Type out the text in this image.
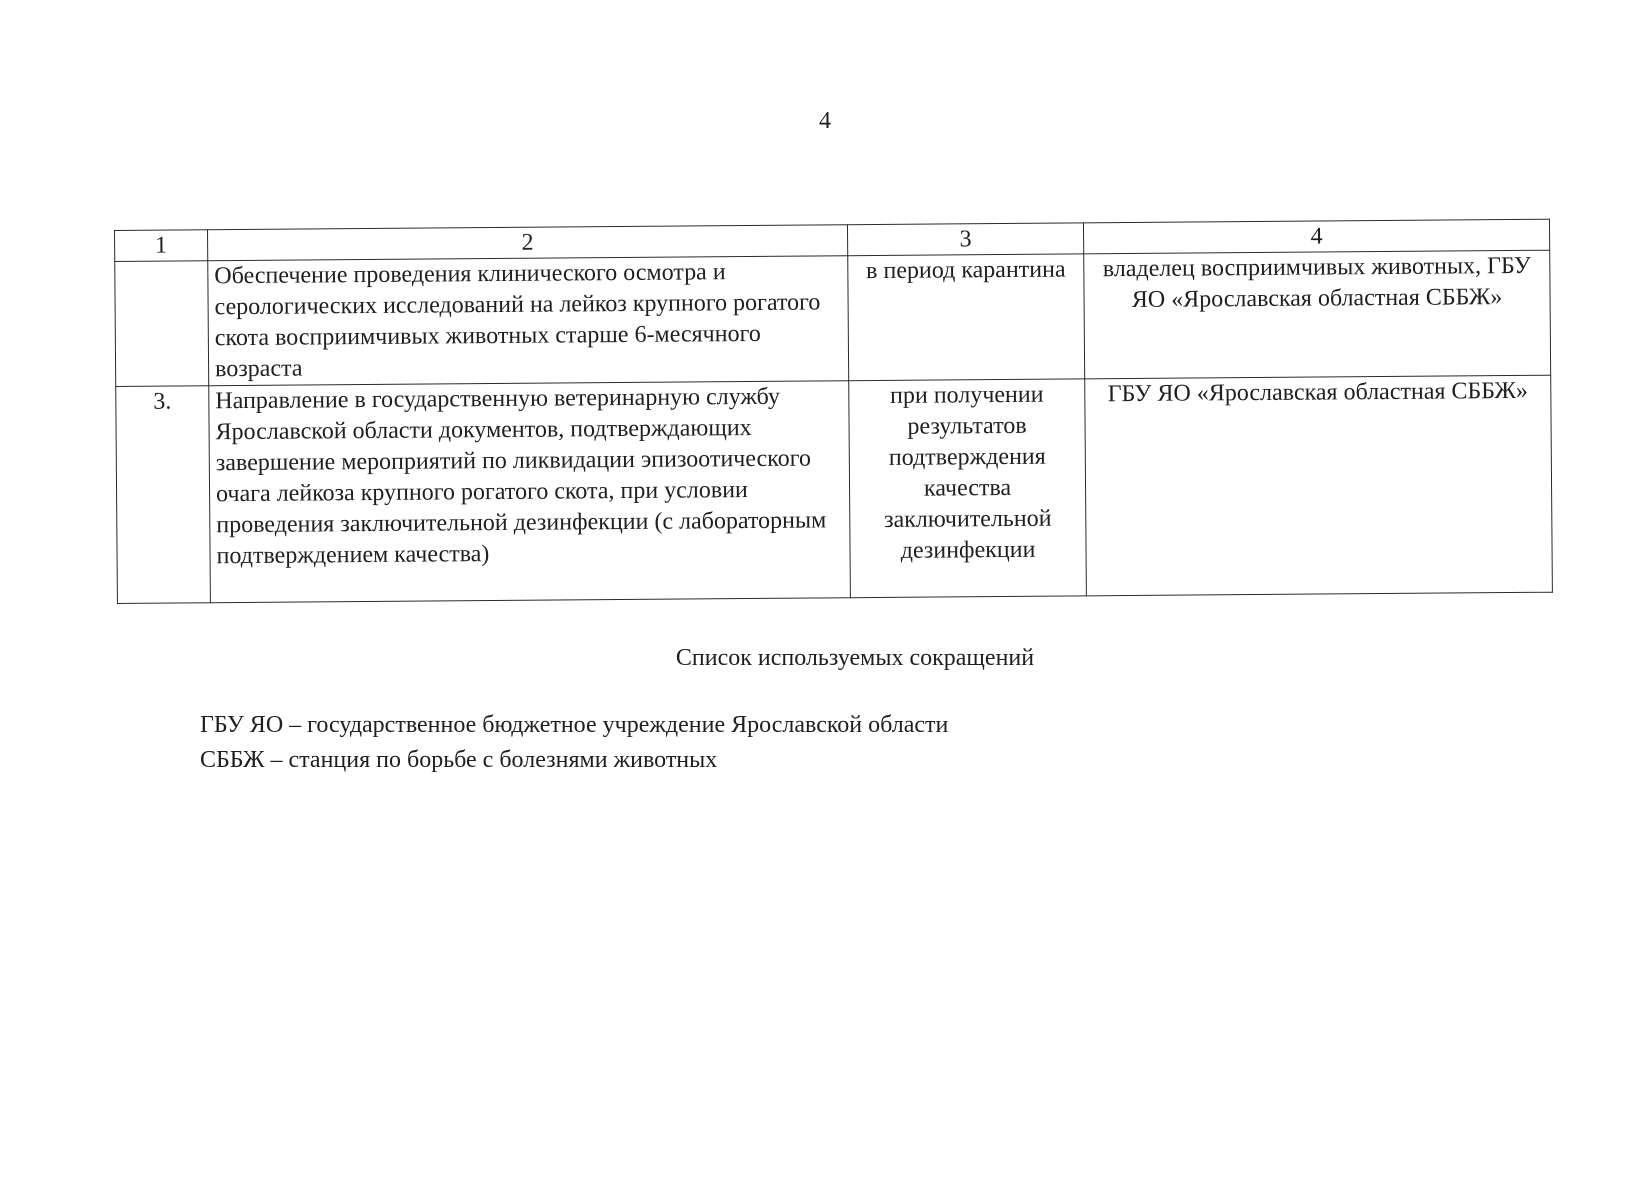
4
1	2	3	4
	Обеспечение проведения клинического осмотра и серологических исследований на лейкоз крупного рогатого скота восприимчивых животных старше 6-месячного возраста	в период карантина	владелец восприимчивых животных, ГБУ ЯО «Ярославская областная СББЖ»
3.	Направление в государственную ветеринарную службу Ярославской области документов, подтверждающих завершение мероприятий по ликвидации эпизоотического очага лейкоза крупного рогатого скота, при условии проведения заключительной дезинфекции (с лабораторным подтверждением качества)	при получении результатов подтверждения качества заключительной дезинфекции	ГБУ ЯО «Ярославская областная СББЖ»
Список используемых сокращений
ГБУ ЯО – государственное бюджетное учреждение Ярославской области
СББЖ – станция по борьбе с болезнями животных
